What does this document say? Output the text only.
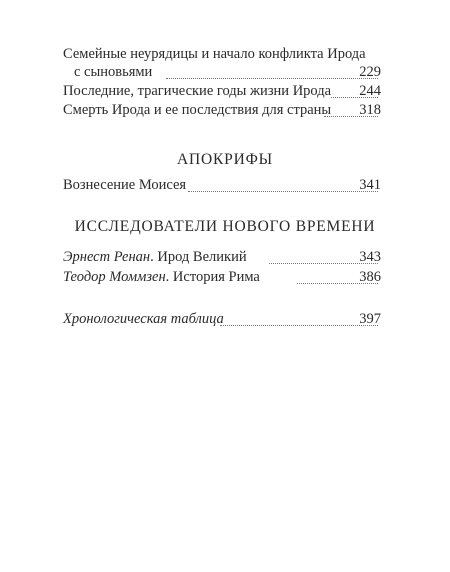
Семейные неурядицы и начало конфликта Ирода
с сыновьями	229
Последние, трагические годы жизни Ирода 244
Смерть Ирода и ее последствия для страны 318
АПОКРИФЫ
Вознесение Моисея	341
ИССЛЕДОВАТЕЛИ НОВОГО ВРЕМЕНИ
Эрнест Ренан. Ирод Великий	343
Теодор Моммзен. История Рима	386
Хронологическая таблица	397
